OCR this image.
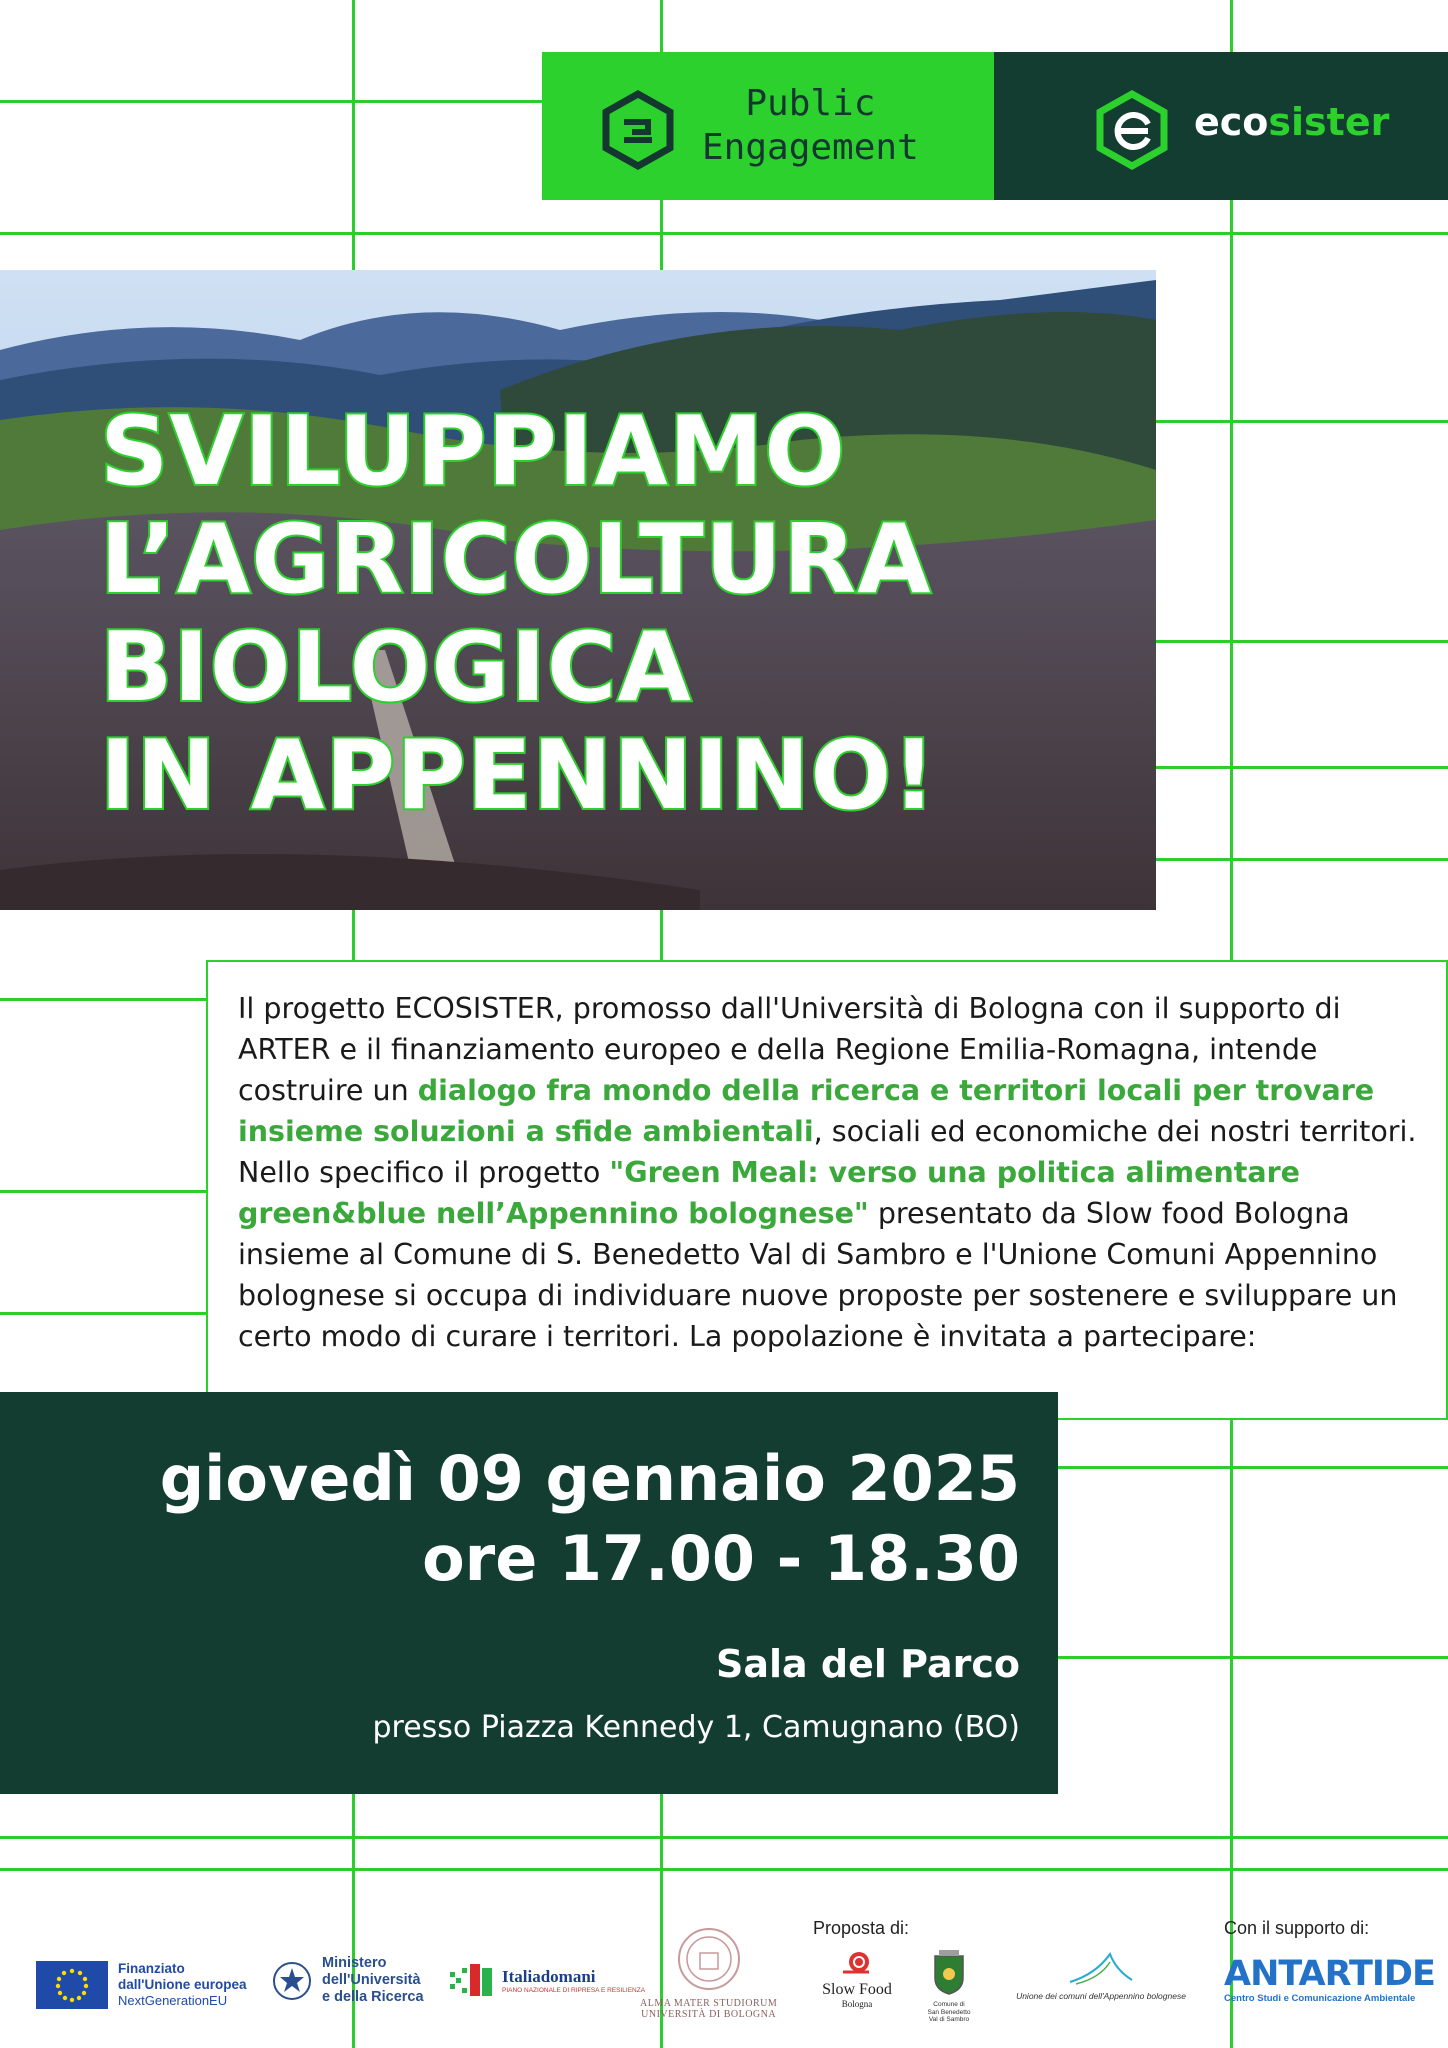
Public
Engagement
ecosister
SVILUPPIAMO
L’AGRICOLTURA
BIOLOGICA
IN APPENNINO!
Il progetto ECOSISTER, promosso dall'Università di Bologna con il supporto di ARTER e il finanziamento europeo e della Regione Emilia-Romagna, intende costruire un dialogo fra mondo della ricerca e territori locali per trovare insieme soluzioni a sfide ambientali, sociali ed economiche dei nostri territori. Nello specifico il progetto "Green Meal: verso una politica alimentare green&blue nell’Appennino bolognese" presentato da Slow food Bologna insieme al Comune di S. Benedetto Val di Sambro e l'Unione Comuni Appennino bolognese si occupa di individuare nuove proposte per sostenere e sviluppare un certo modo di curare i territori. La popolazione è invitata a partecipare:
giovedì 09 gennaio 2025
ore 17.00 - 18.30
Sala del Parco
presso Piazza Kennedy 1, Camugnano (BO)
Proposta di:	Con il supporto di:
Finanziato
dall'Unione europea
NextGenerationEU
Ministero
dell'Università
e della Ricerca
Italiadomani
PIANO NAZIONALE DI RIPRESA E RESILIENZA
ALMA MATER STUDIORUM
UNIVERSITÀ DI BOLOGNA
Slow Food
Bologna	Comune di
San Benedetto
Val di Sambro
Unione dei comuni dell'Appennino bolognese
ANTARTIDE
Centro Studi e Comunicazione Ambientale
